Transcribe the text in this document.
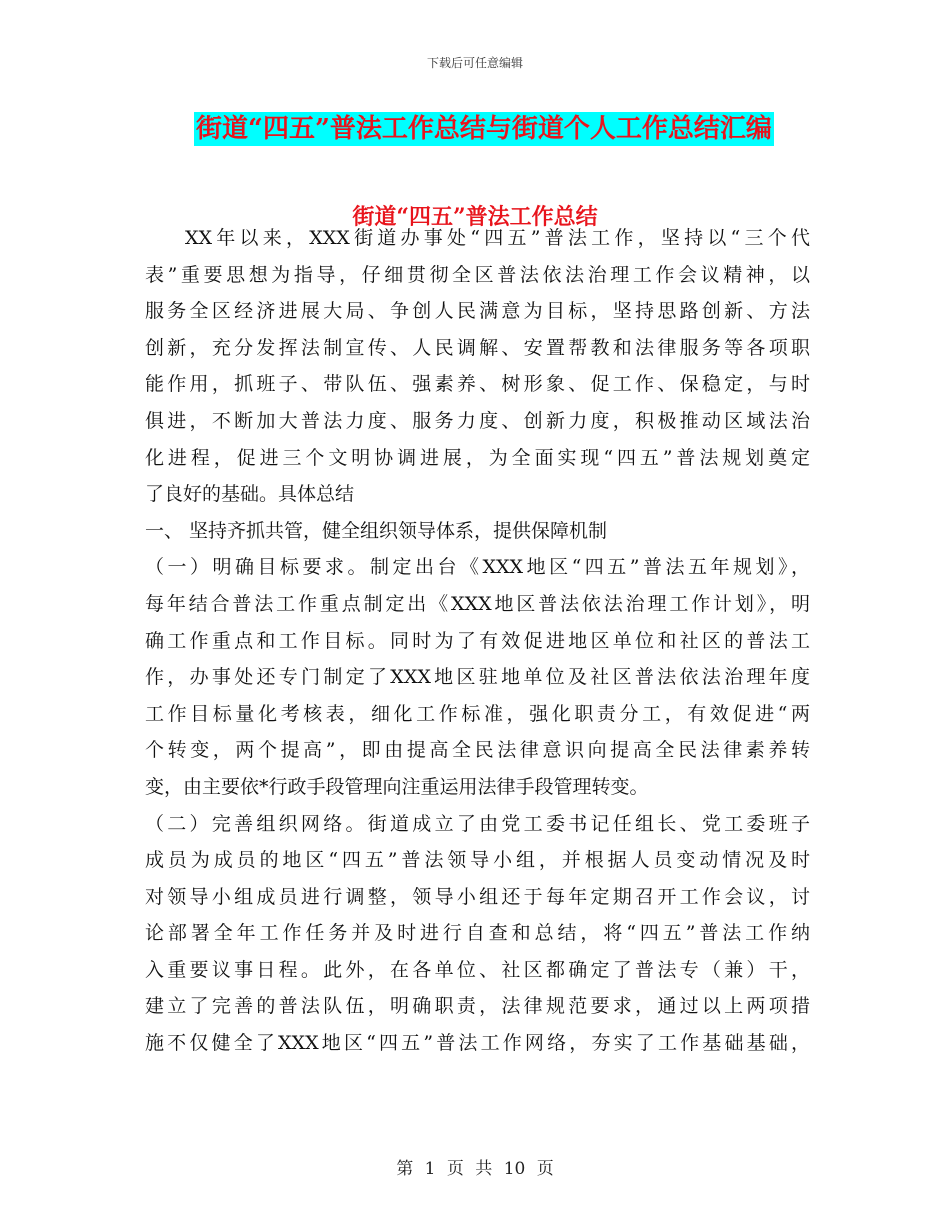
下载后可任意编辑
街道“四五”普法工作总结与街道个人工作总结汇编
街道“四五”普法工作总结
XX年以来，XXX街道办事处“四五”普法工作，坚持以“三个代
表”重要思想为指导，仔细贯彻全区普法依法治理工作会议精神，以
服务全区经济进展大局、争创人民满意为目标，坚持思路创新、方法
创新，充分发挥法制宣传、人民调解、安置帮教和法律服务等各项职
能作用，抓班子、带队伍、强素养、树形象、促工作、保稳定，与时
俱进，不断加大普法力度、服务力度、创新力度，积极推动区域法治
化进程，促进三个文明协调进展，为全面实现“四五”普法规划奠定
了良好的基础。具体总结
一、 坚持齐抓共管，健全组织领导体系，提供保障机制
（一）明确目标要求。制定出台《XXX地区“四五”普法五年规划》，
每年结合普法工作重点制定出《XXX地区普法依法治理工作计划》，明
确工作重点和工作目标。同时为了有效促进地区单位和社区的普法工
作，办事处还专门制定了XXX地区驻地单位及社区普法依法治理年度
工作目标量化考核表，细化工作标准，强化职责分工，有效促进“两
个转变，两个提高”，即由提高全民法律意识向提高全民法律素养转
变，由主要依*行政手段管理向注重运用法律手段管理转变。
（二）完善组织网络。街道成立了由党工委书记任组长、党工委班子
成员为成员的地区“四五”普法领导小组，并根据人员变动情况及时
对领导小组成员进行调整，领导小组还于每年定期召开工作会议，讨
论部署全年工作任务并及时进行自查和总结，将“四五”普法工作纳
入重要议事日程。此外，在各单位、社区都确定了普法专（兼）干，
建立了完善的普法队伍，明确职责，法律规范要求，通过以上两项措
施不仅健全了XXX地区“四五”普法工作网络，夯实了工作基础基础，
第 1 页 共 10 页
